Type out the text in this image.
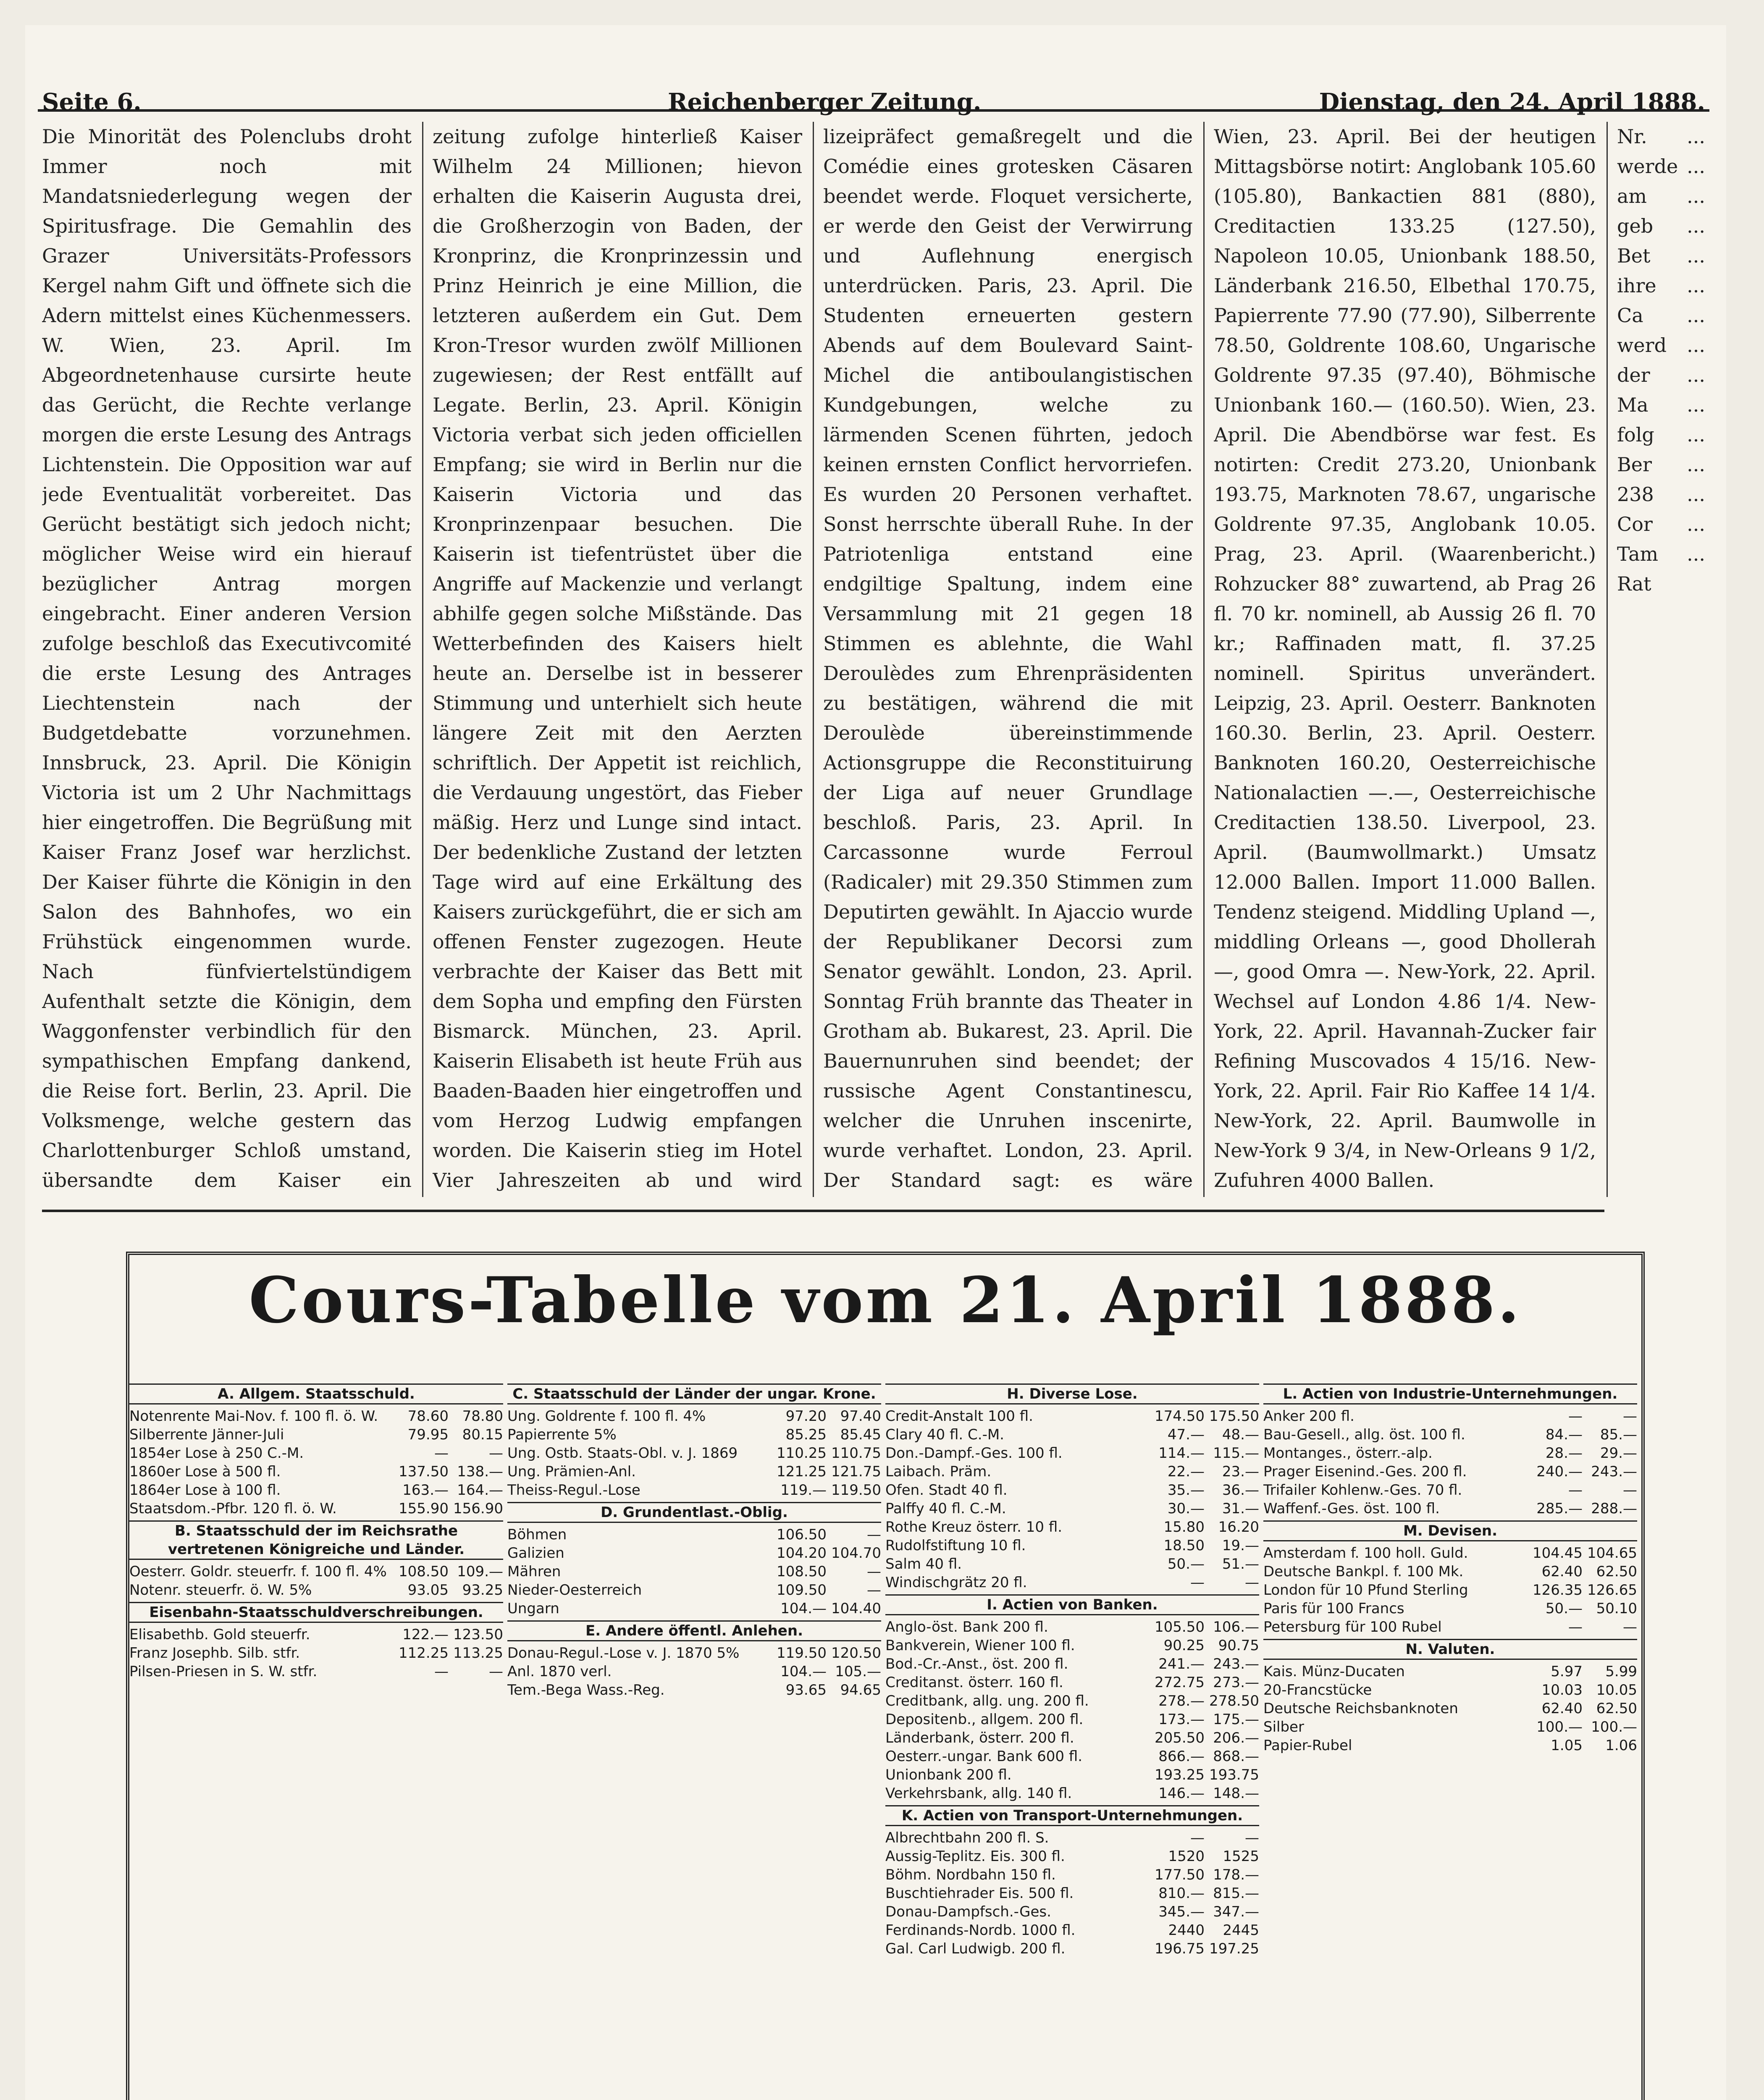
Seite 6.	Reichenberger Zeitung.	Dienstag, den 24. April 1888.

Die Minorität des Polenclubs droht Immer noch mit Mandatsniederlegung wegen der Spiritusfrage. Die Gemahlin des Grazer Universitäts-Professors Kergel nahm Gift und öffnete sich die Adern mittelst eines Küchenmessers. W. Wien, 23. April. Im Abgeordnetenhause cursirte heute das Gerücht, die Rechte verlange morgen die erste Lesung des Antrags Lichtenstein. Die Opposition war auf jede Eventualität vorbereitet. Das Gerücht bestätigt sich jedoch nicht; möglicher Weise wird ein hierauf bezüglicher Antrag morgen eingebracht. Einer anderen Version zufolge beschloß das Executivcomité die erste Lesung des Antrages Liechtenstein nach der Budgetdebatte vorzunehmen. Innsbruck, 23. April. Die Königin Victoria ist um 2 Uhr Nachmittags hier eingetroffen. Die Begrüßung mit Kaiser Franz Josef war herzlichst. Der Kaiser führte die Königin in den Salon des Bahnhofes, wo ein Frühstück eingenommen wurde. Nach fünfviertelstündigem Aufenthalt setzte die Königin, dem Waggonfenster verbindlich für den sympathischen Empfang dankend, die Reise fort. Berlin, 23. April. Die Volksmenge, welche gestern das Charlottenburger Schloß umstand, übersandte dem Kaiser ein

zeitung zufolge hinterließ Kaiser Wilhelm 24 Millionen; hievon erhalten die Kaiserin Augusta drei, die Großherzogin von Baden, der Kronprinz, die Kronprinzessin und Prinz Heinrich je eine Million, die letzteren außerdem ein Gut. Dem Kron-Tresor wurden zwölf Millionen zugewiesen; der Rest entfällt auf Legate. Berlin, 23. April. Königin Victoria verbat sich jeden officiellen Empfang; sie wird in Berlin nur die Kaiserin Victoria und das Kronprinzenpaar besuchen. Die Kaiserin ist tiefentrüstet über die Angriffe auf Mackenzie und verlangt abhilfe gegen solche Mißstände. Das Wetterbefinden des Kaisers hielt heute an. Derselbe ist in besserer Stimmung und unterhielt sich heute längere Zeit mit den Aerzten schriftlich. Der Appetit ist reichlich, die Verdauung ungestört, das Fieber mäßig. Herz und Lunge sind intact. Der bedenkliche Zustand der letzten Tage wird auf eine Erkältung des Kaisers zurückgeführt, die er sich am offenen Fenster zugezogen. Heute verbrachte der Kaiser das Bett mit dem Sopha und empfing den Fürsten Bismarck. München, 23. April. Kaiserin Elisabeth ist heute Früh aus Baaden-Baaden hier eingetroffen und vom Herzog Ludwig empfangen worden. Die Kaiserin stieg im Hotel Vier Jahreszeiten ab und wird

lizeipräfect gemaßregelt und die Comédie eines grotesken Cäsaren beendet werde. Floquet versicherte, er werde den Geist der Verwirrung und Auflehnung energisch unterdrücken. Paris, 23. April. Die Studenten erneuerten gestern Abends auf dem Boulevard Saint-Michel die antiboulangistischen Kundgebungen, welche zu lärmenden Scenen führten, jedoch keinen ernsten Conflict hervorriefen. Es wurden 20 Personen verhaftet. Sonst herrschte überall Ruhe. In der Patriotenliga entstand eine endgiltige Spaltung, indem eine Versammlung mit 21 gegen 18 Stimmen es ablehnte, die Wahl Deroulèdes zum Ehrenpräsidenten zu bestätigen, während die mit Deroulède übereinstimmende Actionsgruppe die Reconstituirung der Liga auf neuer Grundlage beschloß. Paris, 23. April. In Carcassonne wurde Ferroul (Radicaler) mit 29.350 Stimmen zum Deputirten gewählt. In Ajaccio wurde der Republikaner Decorsi zum Senator gewählt. London, 23. April. Sonntag Früh brannte das Theater in Grotham ab. Bukarest, 23. April. Die Bauernunruhen sind beendet; der russische Agent Constantinescu, welcher die Unruhen inscenirte, wurde verhaftet. London, 23. April. Der Standard sagt: es wäre

Wien, 23. April. Bei der heutigen Mittagsbörse notirt: Anglobank 105.60 (105.80), Bankactien 881 (880), Creditactien 133.25 (127.50), Napoleon 10.05, Unionbank 188.50, Länderbank 216.50, Elbethal 170.75, Papierrente 77.90 (77.90), Silberrente 78.50, Goldrente 108.60, Ungarische Goldrente 97.35 (97.40), Böhmische Unionbank 160.— (160.50). Wien, 23. April. Die Abendbörse war fest. Es notirten: Credit 273.20, Unionbank 193.75, Marknoten 78.67, ungarische Goldrente 97.35, Anglobank 10.05. Prag, 23. April. (Waarenbericht.) Rohzucker 88° zuwartend, ab Prag 26 fl. 70 kr. nominell, ab Aussig 26 fl. 70 kr.; Raffinaden matt, fl. 37.25 nominell. Spiritus unverändert. Leipzig, 23. April. Oesterr. Banknoten 160.30. Berlin, 23. April. Oesterr. Banknoten 160.20, Oesterreichische Nationalactien —.—, Oesterreichische Creditactien 138.50. Liverpool, 23. April. (Baumwollmarkt.) Umsatz 12.000 Ballen. Import 11.000 Ballen. Tendenz steigend. Middling Upland —, middling Orleans —, good Dhollerah —, good Omra —. New-York, 22. April. Wechsel auf London 4.86 1/4. New-York, 22. April. Havannah-Zucker fair Refining Muscovados 4 15/16. New-York, 22. April. Fair Rio Kaffee 14 1/4. New-York, 22. April. Baumwolle in New-York 9 3/4, in New-Orleans 9 1/2, Zufuhren 4000 Ballen.

Nr. ... werde ... am ... geb ... Bet ... ihre ... Ca ... werd ... der ... Ma ... folg ... Ber ... 238 ... Cor ... Tam ... Rat

Cours-Tabelle vom 21. April 1888.
A. Allgem. Staatsschuld.
Notenrente Mai-Nov. f. 100 fl. ö. W.	78.60 78.80
Silberrente Jänner-Juli	79.95 80.15
1854er Lose à 250 C.-M.	—	—
1860er Lose à 500 fl.	137.50 138.—
1864er Lose à 100 fl.	163.— 164.—
Staatsdom.-Pfbr. 120 fl. ö. W.	155.90 156.90
B. Staatsschuld der im Reichsrathe vertretenen Königreiche und Länder.
Oesterr. Goldr. steuerfr. f. 100 fl. 4% 108.50 109.—
Notenr. steuerfr. ö. W. 5%	93.05 93.25
Eisenbahn-Staatsschuldverschreibungen.
Elisabethb. Gold steuerfr.	122.— 123.50
Franz Josephb. Silb. stfr.	112.25 113.25
Pilsen-Priesen in S. W. stfr.	—	—
C. Staatsschuld der Länder der ungar. Krone.
Ung. Goldrente f. 100 fl. 4%	97.20 97.40
Papierrente 5%	85.25 85.45
Ung. Ostb. Staats-Obl. v. J. 1869	110.25 110.75
Ung. Prämien-Anl.	121.25 121.75
Theiss-Regul.-Lose	119.— 119.50
D. Grundentlast.-Oblig.
Böhmen	106.50	—
Galizien	104.20 104.70
Mähren	108.50	—
Nieder-Oesterreich	109.50	—
Ungarn	104.— 104.40
E. Andere öffentl. Anlehen.
Donau-Regul.-Lose v. J. 1870 5%	119.50 120.50
Anl. 1870 verl.	104.— 105.—
Tem.-Bega Wass.-Reg.	93.65 94.65
H. Diverse Lose.
Credit-Anstalt 100 fl.	174.50 175.50
Clary 40 fl. C.-M.	47.—	48.—
Don.-Dampf.-Ges. 100 fl.	114.— 115.—
Laibach. Präm.	22.—	23.—
Ofen. Stadt 40 fl.	35.—	36.—
Palffy 40 fl. C.-M.	30.—	31.—
Rothe Kreuz österr. 10 fl.	15.80 16.20
Rudolfstiftung 10 fl.	18.50	19.—
Salm 40 fl.	50.—	51.—
Windischgrätz 20 fl.	—	—
I. Actien von Banken.
Anglo-öst. Bank 200 fl.	105.50 106.—
Bankverein, Wiener 100 fl.	90.25 90.75
Bod.-Cr.-Anst., öst. 200 fl.	241.— 243.—
Creditanst. österr. 160 fl.	272.75 273.—
Creditbank, allg. ung. 200 fl.	278.— 278.50
Depositenb., allgem. 200 fl.	173.— 175.—
Länderbank, österr. 200 fl.	205.50 206.—
Oesterr.-ungar. Bank 600 fl.	866.— 868.—
Unionbank 200 fl.	193.25 193.75
Verkehrsbank, allg. 140 fl.	146.— 148.—
K. Actien von Transport-Unternehmungen.
Albrechtbahn 200 fl. S.	—	—
Aussig-Teplitz. Eis. 300 fl.	1520	1525
Böhm. Nordbahn 150 fl.	177.50 178.—
Buschtiehrader Eis. 500 fl.	810.— 815.—
Donau-Dampfsch.-Ges.	345.— 347.—
Ferdinands-Nordb. 1000 fl.	2440	2445
Gal. Carl Ludwigb. 200 fl.	196.75 197.25
L. Actien von Industrie-Unternehmungen.
Anker 200 fl.	—	—
Bau-Gesell., allg. öst. 100 fl.	84.—	85.—
Montanges., österr.-alp.	28.—	29.—
Prager Eisenind.-Ges. 200 fl.	240.— 243.—
Trifailer Kohlenw.-Ges. 70 fl.	—	—
Waffenf.-Ges. öst. 100 fl.	285.— 288.—
M. Devisen.
Amsterdam f. 100 holl. Guld.	104.45 104.65
Deutsche Bankpl. f. 100 Mk.	62.40 62.50
London für 10 Pfund Sterling	126.35 126.65
Paris für 100 Francs	50.— 50.10
Petersburg für 100 Rubel	—	—
N. Valuten.
Kais. Münz-Ducaten	5.97	5.99
20-Francstücke	10.03 10.05
Deutsche Reichsbanknoten	62.40 62.50
Silber	100.— 100.—
Papier-Rubel	1.05	1.06
